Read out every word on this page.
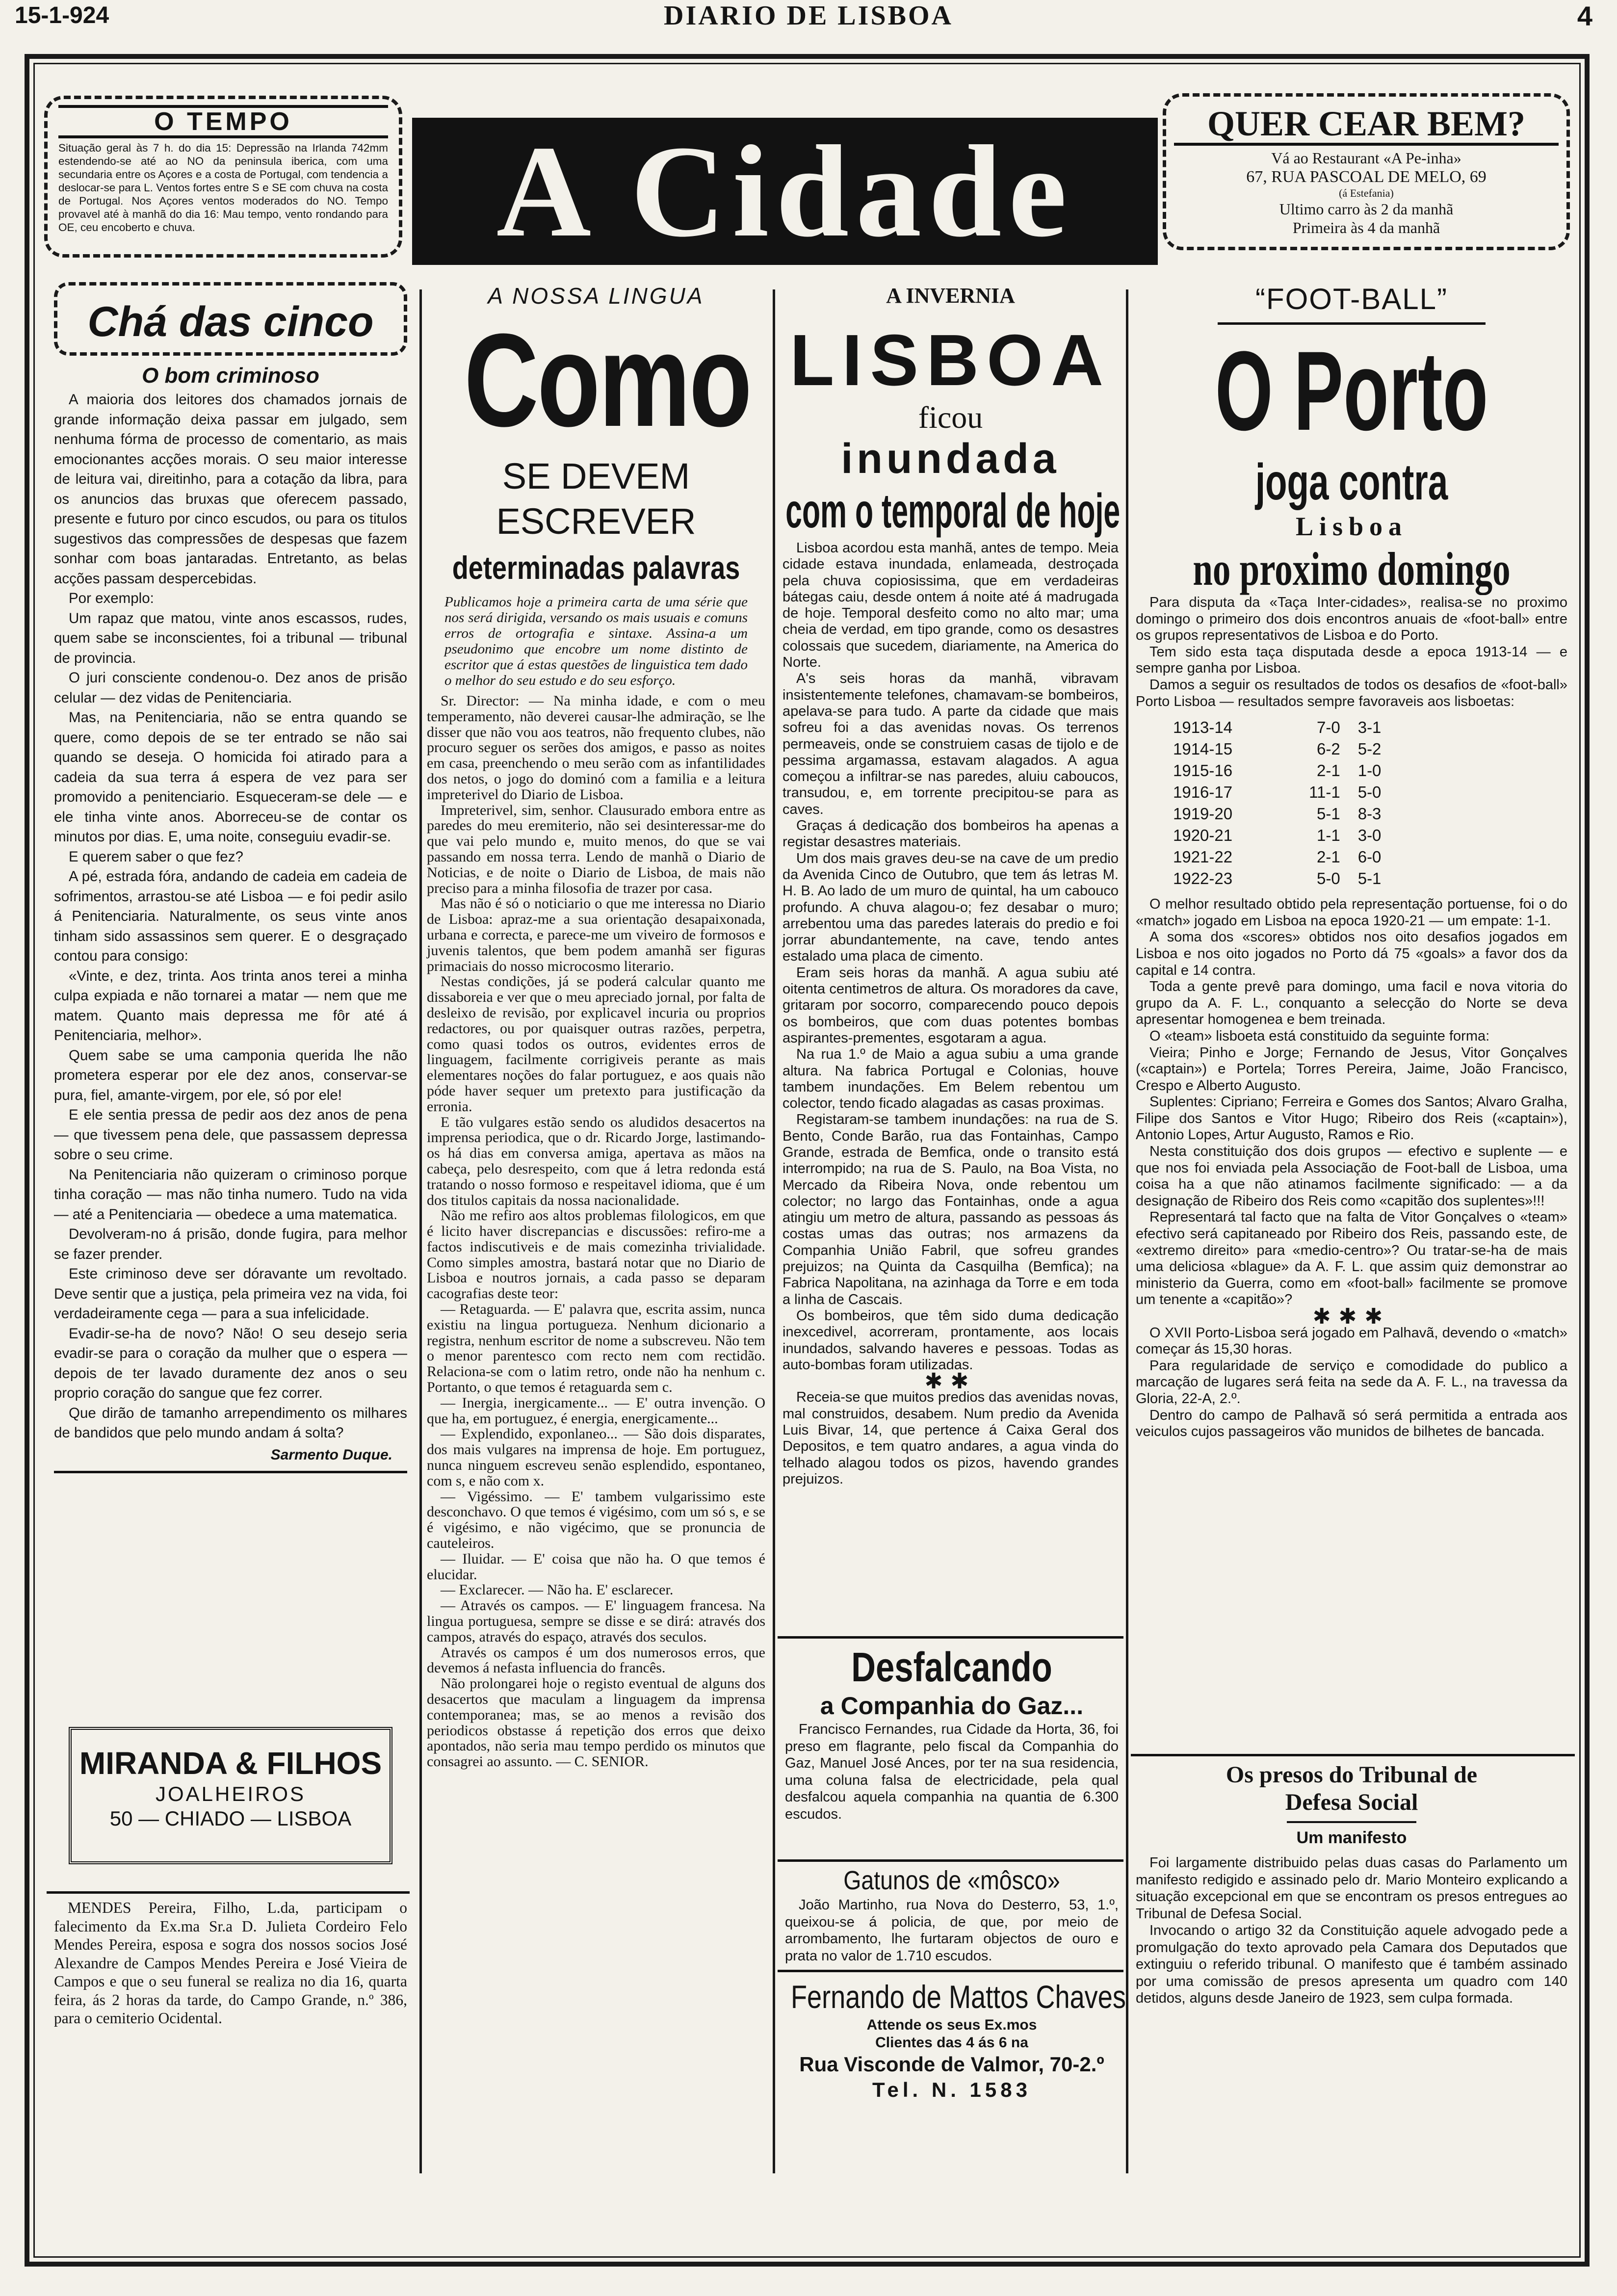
15-1-924	DIARIO DE LISBOA	4
O TEMPO
Situação geral às 7 h. do dia 15: Depressão na Irlanda 742mm estendendo-se até ao NO da peninsula iberica, com uma secundaria entre os Açores e a costa de Portugal, com tendencia a deslocar-se para L. Ventos fortes entre S e SE com chuva na costa de Portugal. Nos Açores ventos moderados do NO. Tempo provavel até à manhã do dia 16: Mau tempo, vento rondando para OE, ceu encoberto e chuva.	A Cidade	QUER CEAR BEM?
Vá ao Restaurant «A Pe-inha»
67, RUA PASCOAL DE MELO, 69
(á Estefania)
Ultimo carro às 2 da manhã
Primeira às 4 da manhã
Chá das cinco
O bom criminoso

A maioria dos leitores dos chamados jornais de grande informação deixa passar em julgado, sem nenhuma fórma de processo de comentario, as mais emocionantes acções morais. O seu maior interesse de leitura vai, direitinho, para a cotação da libra, para os anuncios das bruxas que oferecem passado, presente e futuro por cinco escudos, ou para os titulos sugestivos das compressões de despesas que fazem sonhar com boas jantaradas. Entretanto, as belas acções passam despercebidas.

Por exemplo:

Um rapaz que matou, vinte anos escassos, rudes, quem sabe se inconscientes, foi a tribunal — tribunal de provincia.

O juri consciente condenou-o. Dez anos de prisão celular — dez vidas de Penitenciaria.

Mas, na Penitenciaria, não se entra quando se quere, como depois de se ter entrado se não sai quando se deseja. O homicida foi atirado para a cadeia da sua terra á espera de vez para ser promovido a penitenciario. Esqueceram-se dele — e ele tinha vinte anos. Aborreceu-se de contar os minutos por dias. E, uma noite, conseguiu evadir-se.

E querem saber o que fez?

A pé, estrada fóra, andando de cadeia em cadeia de sofrimentos, arrastou-se até Lisboa — e foi pedir asilo á Penitenciaria. Naturalmente, os seus vinte anos tinham sido assassinos sem querer. E o desgraçado contou para consigo:

«Vinte, e dez, trinta. Aos trinta anos terei a minha culpa expiada e não tornarei a matar — nem que me matem. Quanto mais depressa me fôr até á Penitenciaria, melhor».

Quem sabe se uma camponia querida lhe não prometera esperar por ele dez anos, conservar-se pura, fiel, amante-virgem, por ele, só por ele!

E ele sentia pressa de pedir aos dez anos de pena — que tivessem pena dele, que passassem depressa sobre o seu crime.

Na Penitenciaria não quizeram o criminoso porque tinha coração — mas não tinha numero. Tudo na vida — até a Penitenciaria — obedece a uma matematica.

Devolveram-no á prisão, donde fugira, para melhor se fazer prender.

Este criminoso deve ser dóravante um revoltado. Deve sentir que a justiça, pela primeira vez na vida, foi verdadeiramente cega — para a sua infelicidade.

Evadir-se-ha de novo? Não! O seu desejo seria evadir-se para o coração da mulher que o espera — depois de ter lavado duramente dez anos o seu proprio coração do sangue que fez correr.

Que dirão de tamanho arrependimento os milhares de bandidos que pelo mundo andam á solta?

Sarmento Duque.
MIRANDA & FILHOS
JOALHEIROS
50 — CHIADO — LISBOA

MENDES Pereira, Filho, L.da, participam o falecimento da Ex.ma Sr.a D. Julieta Cordeiro Felo Mendes Pereira, esposa e sogra dos nossos socios José Alexandre de Campos Mendes Pereira e José Vieira de Campos e que o seu funeral se realiza no dia 16, quarta feira, ás 2 horas da tarde, do Campo Grande, n.º 386, para o cemiterio Ocidental.

A NOSSA LINGUA
Como
SE DEVEM
ESCREVER
determinadas palavras
Publicamos hoje a primeira carta de uma série que nos será dirigida, versando os mais usuais e comuns erros de ortografia e sintaxe. Assina-a um pseudonimo que encobre um nome distinto de escritor que á estas questões de linguistica tem dado o melhor do seu estudo e do seu esforço.

Sr. Director: — Na minha idade, e com o meu temperamento, não deverei causar-lhe admiração, se lhe disser que não vou aos teatros, não frequento clubes, não procuro seguer os serões dos amigos, e passo as noites em casa, preenchendo o meu serão com as infantilidades dos netos, o jogo do dominó com a familia e a leitura impreterivel do Diario de Lisboa.

Impreterivel, sim, senhor. Clausurado embora entre as paredes do meu eremiterio, não sei desinteressar-me do que vai pelo mundo e, muito menos, do que se vai passando em nossa terra. Lendo de manhã o Diario de Noticias, e de noite o Diario de Lisboa, de mais não preciso para a minha filosofia de trazer por casa.

Mas não é só o noticiario o que me interessa no Diario de Lisboa: apraz-me a sua orientação desapaixonada, urbana e correcta, e parece-me um viveiro de formosos e juvenis talentos, que bem podem amanhã ser figuras primaciais do nosso microcosmo literario.

Nestas condições, já se poderá calcular quanto me dissaboreia e ver que o meu apreciado jornal, por falta de desleixo de revisão, por explicavel incuria ou proprios redactores, ou por quaisquer outras razões, perpetra, como quasi todos os outros, evidentes erros de linguagem, facilmente corrigiveis perante as mais elementares noções do falar portuguez, e aos quais não póde haver sequer um pretexto para justificação da erronia.

E tão vulgares estão sendo os aludidos desacertos na imprensa periodica, que o dr. Ricardo Jorge, lastimando-os há dias em conversa amiga, apertava as mãos na cabeça, pelo desrespeito, com que á letra redonda está tratando o nosso formoso e respeitavel idioma, que é um dos titulos capitais da nossa nacionalidade.

Não me refiro aos altos problemas filologicos, em que é licito haver discrepancias e discussões: refiro-me a factos indiscutiveis e de mais comezinha trivialidade. Como simples amostra, bastará notar que no Diario de Lisboa e noutros jornais, a cada passo se deparam cacografias deste teor:

— Retaguarda. — E' palavra que, escrita assim, nunca existiu na lingua portugueza. Nenhum dicionario a registra, nenhum escritor de nome a subscreveu. Não tem o menor parentesco com recto nem com rectidão. Relaciona-se com o latim retro, onde não ha nenhum c. Portanto, o que temos é retaguarda sem c.

— Inergia, inergicamente... — E' outra invenção. O que ha, em portuguez, é energia, energicamente...

— Explendido, exponlaneo... — São dois disparates, dos mais vulgares na imprensa de hoje. Em portuguez, nunca ninguem escreveu senão esplendido, espontaneo, com s, e não com x.

— Vigéssimo. — E' tambem vulgarissimo este desconchavo. O que temos é vigésimo, com um só s, e se é vigésimo, e não vigécimo, que se pronuncia de cauteleiros.

— Iluidar. — E' coisa que não ha. O que temos é elucidar.

— Exclarecer. — Não ha. E' esclarecer.

— Através os campos. — E' linguagem francesa. Na lingua portuguesa, sempre se disse e se dirá: através dos campos, através do espaço, através dos seculos.

Através os campos é um dos numerosos erros, que devemos á nefasta influencia do francês.

Não prolongarei hoje o registo eventual de alguns dos desacertos que maculam a linguagem da imprensa contemporanea; mas, se ao menos a revisão dos periodicos obstasse á repetição dos erros que deixo apontados, não seria mau tempo perdido os minutos que consagrei ao assunto. — C. SENIOR.

A INVERNIA
LISBOA
ficou
inundada
com o temporal de hoje

Lisboa acordou esta manhã, antes de tempo. Meia cidade estava inundada, enlameada, destroçada pela chuva copiosissima, que em verdadeiras bátegas caiu, desde ontem á noite até á madrugada de hoje. Temporal desfeito como no alto mar; uma cheia de verdad, em tipo grande, como os desastres colossais que sucedem, diariamente, na America do Norte.

A's seis horas da manhã, vibravam insistentemente telefones, chamavam-se bombeiros, apelava-se para tudo. A parte da cidade que mais sofreu foi a das avenidas novas. Os terrenos permeaveis, onde se construiem casas de tijolo e de pessima argamassa, estavam alagados. A agua começou a infiltrar-se nas paredes, aluiu caboucos, transudou, e, em torrente precipitou-se para as caves.

Graças á dedicação dos bombeiros ha apenas a registar desastres materiais.

Um dos mais graves deu-se na cave de um predio da Avenida Cinco de Outubro, que tem ás letras M. H. B. Ao lado de um muro de quintal, ha um cabouco profundo. A chuva alagou-o; fez desabar o muro; arrebentou uma das paredes laterais do predio e foi jorrar abundantemente, na cave, tendo antes estalado uma placa de cimento.

Eram seis horas da manhã. A agua subiu até oitenta centimetros de altura. Os moradores da cave, gritaram por socorro, comparecendo pouco depois os bombeiros, que com duas potentes bombas aspirantes-prementes, esgotaram a agua.

Na rua 1.º de Maio a agua subiu a uma grande altura. Na fabrica Portugal e Colonias, houve tambem inundações. Em Belem rebentou um colector, tendo ficado alagadas as casas proximas.

Registaram-se tambem inundações: na rua de S. Bento, Conde Barão, rua das Fontainhas, Campo Grande, estrada de Bemfica, onde o transito está interrompido; na rua de S. Paulo, na Boa Vista, no Mercado da Ribeira Nova, onde rebentou um colector; no largo das Fontainhas, onde a agua atingiu um metro de altura, passando as pessoas ás costas umas das outras; nos armazens da Companhia União Fabril, que sofreu grandes prejuizos; na Quinta da Casquilha (Bemfica); na Fabrica Napolitana, na azinhaga da Torre e em toda a linha de Cascais.

Os bombeiros, que têm sido duma dedicação inexcedivel, acorreram, prontamente, aos locais inundados, salvando haveres e pessoas. Todas as auto-bombas foram utilizadas.

✱✱

Receia-se que muitos predios das avenidas novas, mal construidos, desabem. Num predio da Avenida Luis Bivar, 14, que pertence á Caixa Geral dos Depositos, e tem quatro andares, a agua vinda do telhado alagou todos os pizos, havendo grandes prejuizos.

Desfalcando
a Companhia do Gaz...

Francisco Fernandes, rua Cidade da Horta, 36, foi preso em flagrante, pelo fiscal da Companhia do Gaz, Manuel José Ances, por ter na sua residencia, uma coluna falsa de electricidade, pela qual desfalcou aquela companhia na quantia de 6.300 escudos.

Gatunos de «môsco»

João Martinho, rua Nova do Desterro, 53, 1.º, queixou-se á policia, de que, por meio de arrombamento, lhe furtaram objectos de ouro e prata no valor de 1.710 escudos.

Fernando de Mattos Chaves
Attende os seus Ex.mos
Clientes das 4 ás 6 na
Rua Visconde de Valmor, 70-2.º
Tel. N. 1583
“FOOT-BALL”
O Porto
joga contra
Lisboa
no proximo domingo

Para disputa da «Taça Inter-cidades», realisa-se no proximo domingo o primeiro dos dois encontros anuais de «foot-ball» entre os grupos representativos de Lisboa e do Porto.

Tem sido esta taça disputada desde a epoca 1913-14 — e sempre ganha por Lisboa.

Damos a seguir os resultados de todos os desafios de «foot-ball» Porto Lisboa — resultados sempre favoraveis aos lisboetas:

1913-14	7-0	3-1
1914-15	6-2	5-2
1915-16	2-1	1-0
1916-17	11-1	5-0
1919-20	5-1	8-3
1920-21	1-1	3-0
1921-22	2-1	6-0
1922-23	5-0	5-1

O melhor resultado obtido pela representação portuense, foi o do «match» jogado em Lisboa na epoca 1920-21 — um empate: 1-1.

A soma dos «scores» obtidos nos oito desafios jogados em Lisboa e nos oito jogados no Porto dá 75 «goals» a favor dos da capital e 14 contra.

Toda a gente prevê para domingo, uma facil e nova vitoria do grupo da A. F. L., conquanto a selecção do Norte se deva apresentar homogenea e bem treinada.

O «team» lisboeta está constituido da seguinte forma:

Vieira; Pinho e Jorge; Fernando de Jesus, Vitor Gonçalves («captain») e Portela; Torres Pereira, Jaime, João Francisco, Crespo e Alberto Augusto.

Suplentes: Cipriano; Ferreira e Gomes dos Santos; Alvaro Gralha, Filipe dos Santos e Vitor Hugo; Ribeiro dos Reis («captain»), Antonio Lopes, Artur Augusto, Ramos e Rio.

Nesta constituição dos dois grupos — efectivo e suplente — e que nos foi enviada pela Associação de Foot-ball de Lisboa, uma coisa ha a que não atinamos facilmente significado: — a da designação de Ribeiro dos Reis como «capitão dos suplentes»!!!

Representará tal facto que na falta de Vitor Gonçalves o «team» efectivo será capitaneado por Ribeiro dos Reis, passando este, de «extremo direito» para «medio-centro»? Ou tratar-se-ha de mais uma deliciosa «blague» da A. F. L. que assim quiz demonstrar ao ministerio da Guerra, como em «foot-ball» facilmente se promove um tenente a «capitão»?

✱✱✱

O XVII Porto-Lisboa será jogado em Palhavã, devendo o «match» começar ás 15,30 horas.

Para regularidade de serviço e comodidade do publico a marcação de lugares será feita na sede da A. F. L., na travessa da Gloria, 22-A, 2.º.

Dentro do campo de Palhavã só será permitida a entrada aos veiculos cujos passageiros vão munidos de bilhetes de bancada.

Os presos do Tribunal de Defesa Social
Um manifesto

Foi largamente distribuido pelas duas casas do Parlamento um manifesto redigido e assinado pelo dr. Mario Monteiro explicando a situação excepcional em que se encontram os presos entregues ao Tribunal de Defesa Social.

Invocando o artigo 32 da Constituição aquele advogado pede a promulgação do texto aprovado pela Camara dos Deputados que extinguiu o referido tribunal. O manifesto que é também assinado por uma comissão de presos apresenta um quadro com 140 detidos, alguns desde Janeiro de 1923, sem culpa formada.
